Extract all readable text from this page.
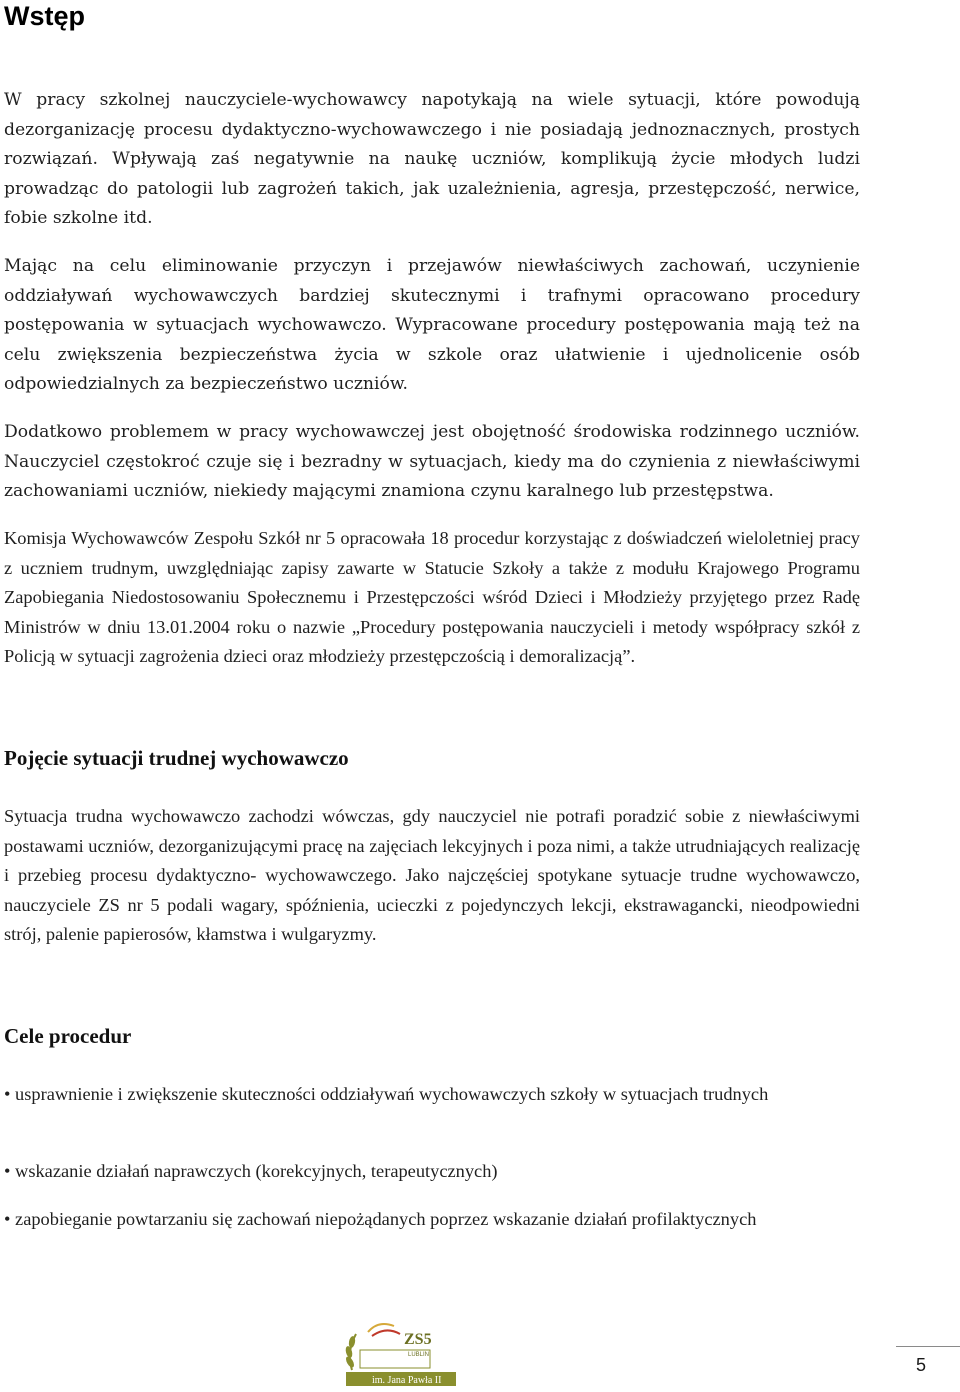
Wstęp

W pracy szkolnej nauczyciele-wychowawcy napotykają na wiele sytuacji, które powodują dezorganizację procesu dydaktyczno-wychowawczego i nie posiadają jednoznacznych, prostych rozwiązań. Wpływają zaś negatywnie na naukę uczniów, komplikują życie młodych ludzi prowadząc do patologii lub zagrożeń takich, jak uzależnienia, agresja, przestępczość, nerwice, fobie szkolne itd.

Mając na celu eliminowanie przyczyn i przejawów niewłaściwych zachowań, uczynienie oddziaływań wychowawczych bardziej skutecznymi i trafnymi opracowano procedury postępowania w sytuacjach wychowawczo. Wypracowane procedury postępowania mają też na celu zwiększenia bezpieczeństwa życia w szkole oraz ułatwienie i ujednolicenie osób odpowiedzialnych za bezpieczeństwo uczniów.

Dodatkowo problemem w pracy wychowawczej jest obojętność środowiska rodzinnego uczniów. Nauczyciel częstokroć czuje się i bezradny w sytuacjach, kiedy ma do czynienia z niewłaściwymi zachowaniami uczniów, niekiedy mającymi znamiona czynu karalnego lub przestępstwa.

Komisja Wychowawców Zespołu Szkół nr 5 opracowała 18 procedur korzystając z doświadczeń wieloletniej pracy z uczniem trudnym, uwzględniając zapisy zawarte w Statucie Szkoły a także z modułu Krajowego Programu Zapobiegania Niedostosowaniu Społecznemu i Przestępczości wśród Dzieci i Młodzieży przyjętego przez Radę Ministrów w dniu 13.01.2004 roku o nazwie „Procedury postępowania nauczycieli i metody współpracy szkół z Policją w sytuacji zagrożenia dzieci oraz młodzieży przestępczością i demoralizacją”.

Pojęcie sytuacji trudnej wychowawczo

Sytuacja trudna wychowawczo zachodzi wówczas, gdy nauczyciel nie potrafi poradzić sobie z niewłaściwymi postawami uczniów, dezorganizującymi pracę na zajęciach lekcyjnych i poza nimi, a także utrudniających realizację i przebieg procesu dydaktyczno- wychowawczego. Jako najczęściej spotykane sytuacje trudne wychowawczo, nauczyciele ZS nr 5 podali wagary, spóźnienia, ucieczki z pojedynczych lekcji, ekstrawagancki, nieodpowiedni strój, palenie papierosów, kłamstwa i wulgaryzmy.

Cele procedur

• usprawnienie i zwiększenie skuteczności oddziaływań wychowawczych szkoły w sytuacjach trudnych

• wskazanie działań naprawczych (korekcyjnych, terapeutycznych)

• zapobieganie powtarzaniu się zachowań niepożądanych poprzez wskazanie działań profilaktycznych

ZS5
LUBLIN
im. Jana Pawła II
5
